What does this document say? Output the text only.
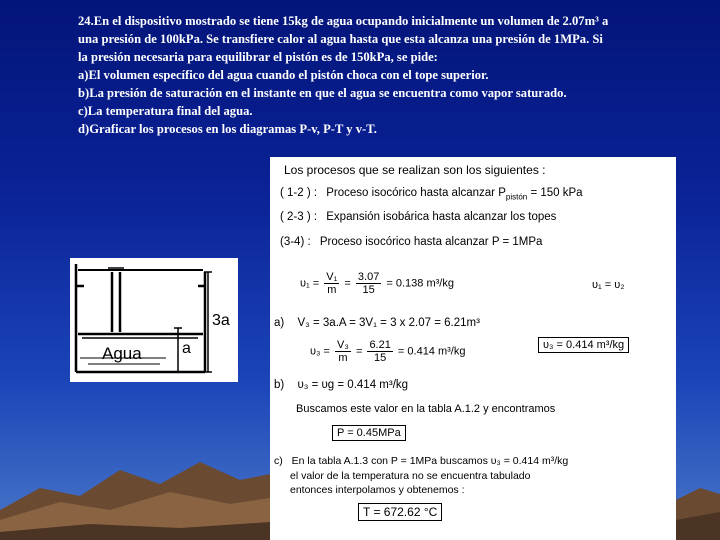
24.En el dispositivo mostrado se tiene 15kg de agua ocupando inicialmente un volumen de 2.07m³ a
una presión de 100kPa. Se transfiere calor al agua hasta que esta alcanza una presión de 1MPa. Si
la presión necesaria para equilibrar el pistón es de 150kPa, se pide:
a)El volumen específico del agua cuando el pistón choca con el tope superior.
b)La presión de saturación en el instante en que el agua se encuentra como vapor saturado.
c)La temperatura final del agua.
d)Graficar los procesos en los diagramas P-v, P-T y v-T.
Agua	a
3a
Los procesos que se realizan son los siguientes :
( 1-2 ) : Proceso isocórico hasta alcanzar $P_{pistón} = 150$ kPa
( 2-3 ) : Expansión isobárica hasta alcanzar los topes
(3-4) : Proceso isocórico hasta alcanzar P = 1MPa
$\upsilon_1 = \frac{\text{V₁}}{m} = \frac{3.07}{15} = 0.138$ m³/kg	υ₁ = υ₂
a) V₃ = 3a.A = 3V₁ = 3 x 2.07 = 6.21m³
$\upsilon_3 = \frac{\text{V₃}}{m} = \frac{6.21}{15} = 0.414$ m³/kg
υ₃ = 0.414 m³/kg
b) υ₃ = υg = 0.414 m³/kg
Buscamos este valor en la tabla A.1.2 y encontramos
P = 0.45MPa
c) En la tabla A.1.3 con P = 1MPa buscamos υ₃ = 0.414 m³/kg
el valor de la temperatura no se encuentra tabulado
entonces interpolamos y obtenemos :
T = 672.62 °C
